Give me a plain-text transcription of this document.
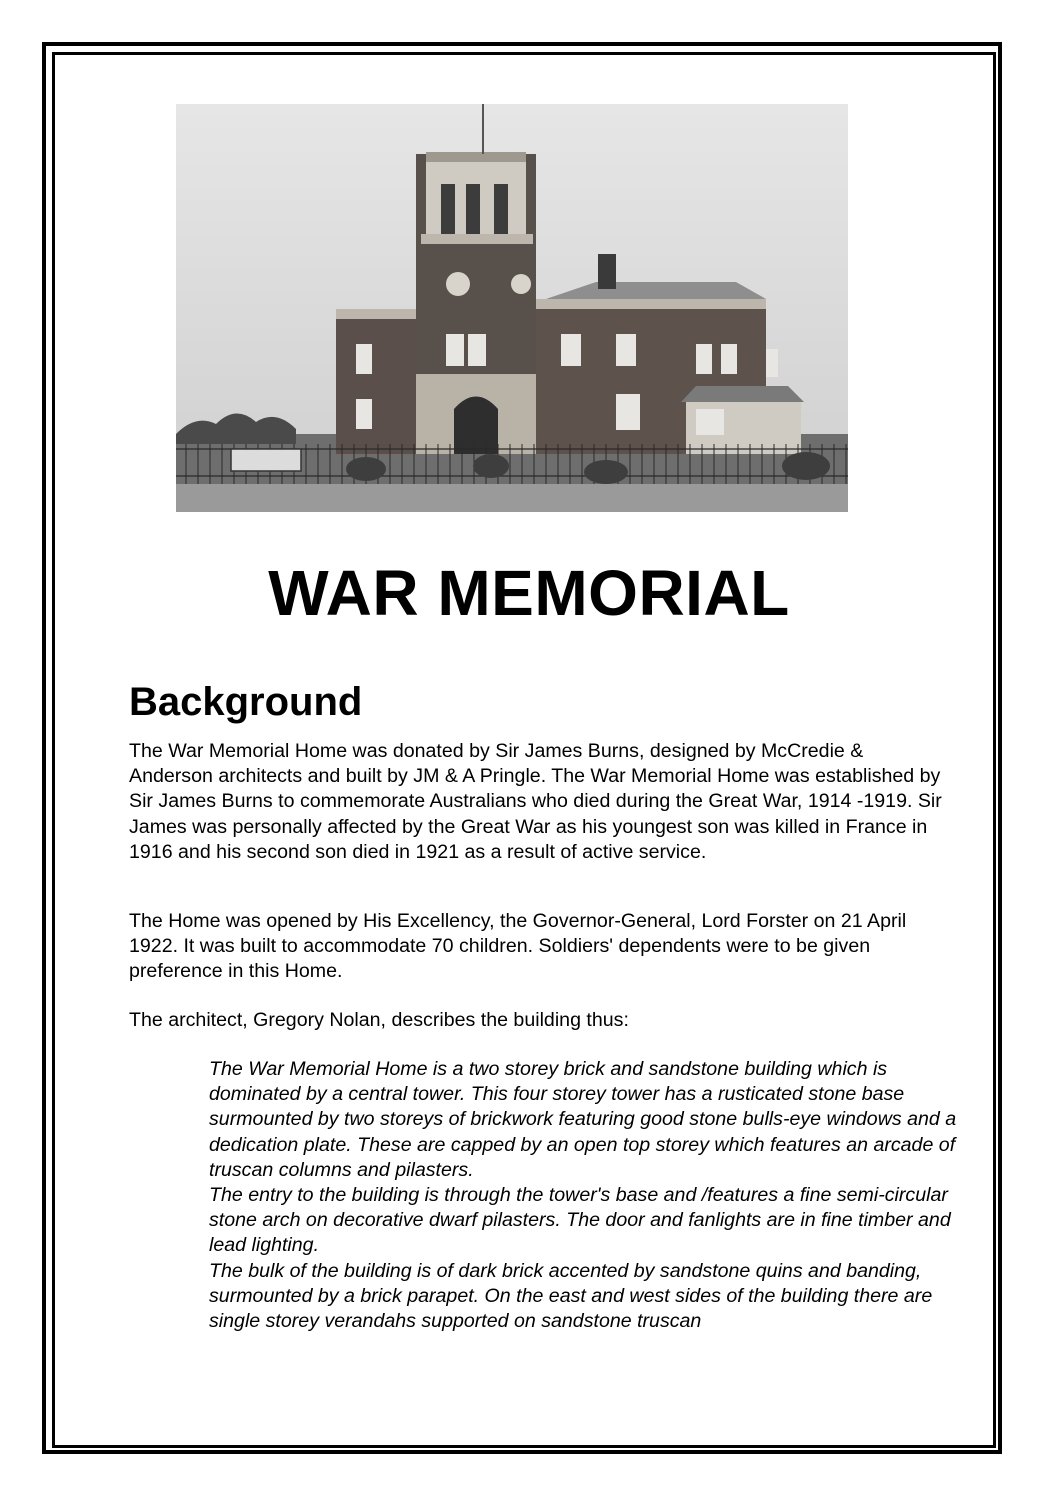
WAR MEMORIAL
Background

The War Memorial Home was donated by Sir James Burns, designed by McCredie & Anderson architects and built by JM & A Pringle. The War Memorial Home was established by Sir James Burns to commemorate Australians who died during the Great War, 1914 -1919. Sir James was personally affected by the Great War as his youngest son was killed in France in 1916 and his second son died in 1921 as a result of active service.

The Home was opened by His Excellency, the Governor-General, Lord Forster on 21 April 1922. It was built to accommodate 70 children. Soldiers' dependents were to be given preference in this Home.

The architect, Gregory Nolan, describes the building thus:

The War Memorial Home is a two storey brick and sandstone building which is dominated by a central tower. This four storey tower has a rusticated stone base surmounted by two storeys of brickwork featuring good stone bulls-eye windows and a dedication plate. These are capped by an open top storey which features an arcade of truscan columns and pilasters.
The entry to the building is through the tower's base and /features a fine semi-circular stone arch on decorative dwarf pilasters. The door and fanlights are in fine timber and lead lighting.
The bulk of the building is of dark brick accented by sandstone quins and banding, surmounted by a brick parapet. On the east and west sides of the building there are single storey verandahs supported on sandstone truscan
